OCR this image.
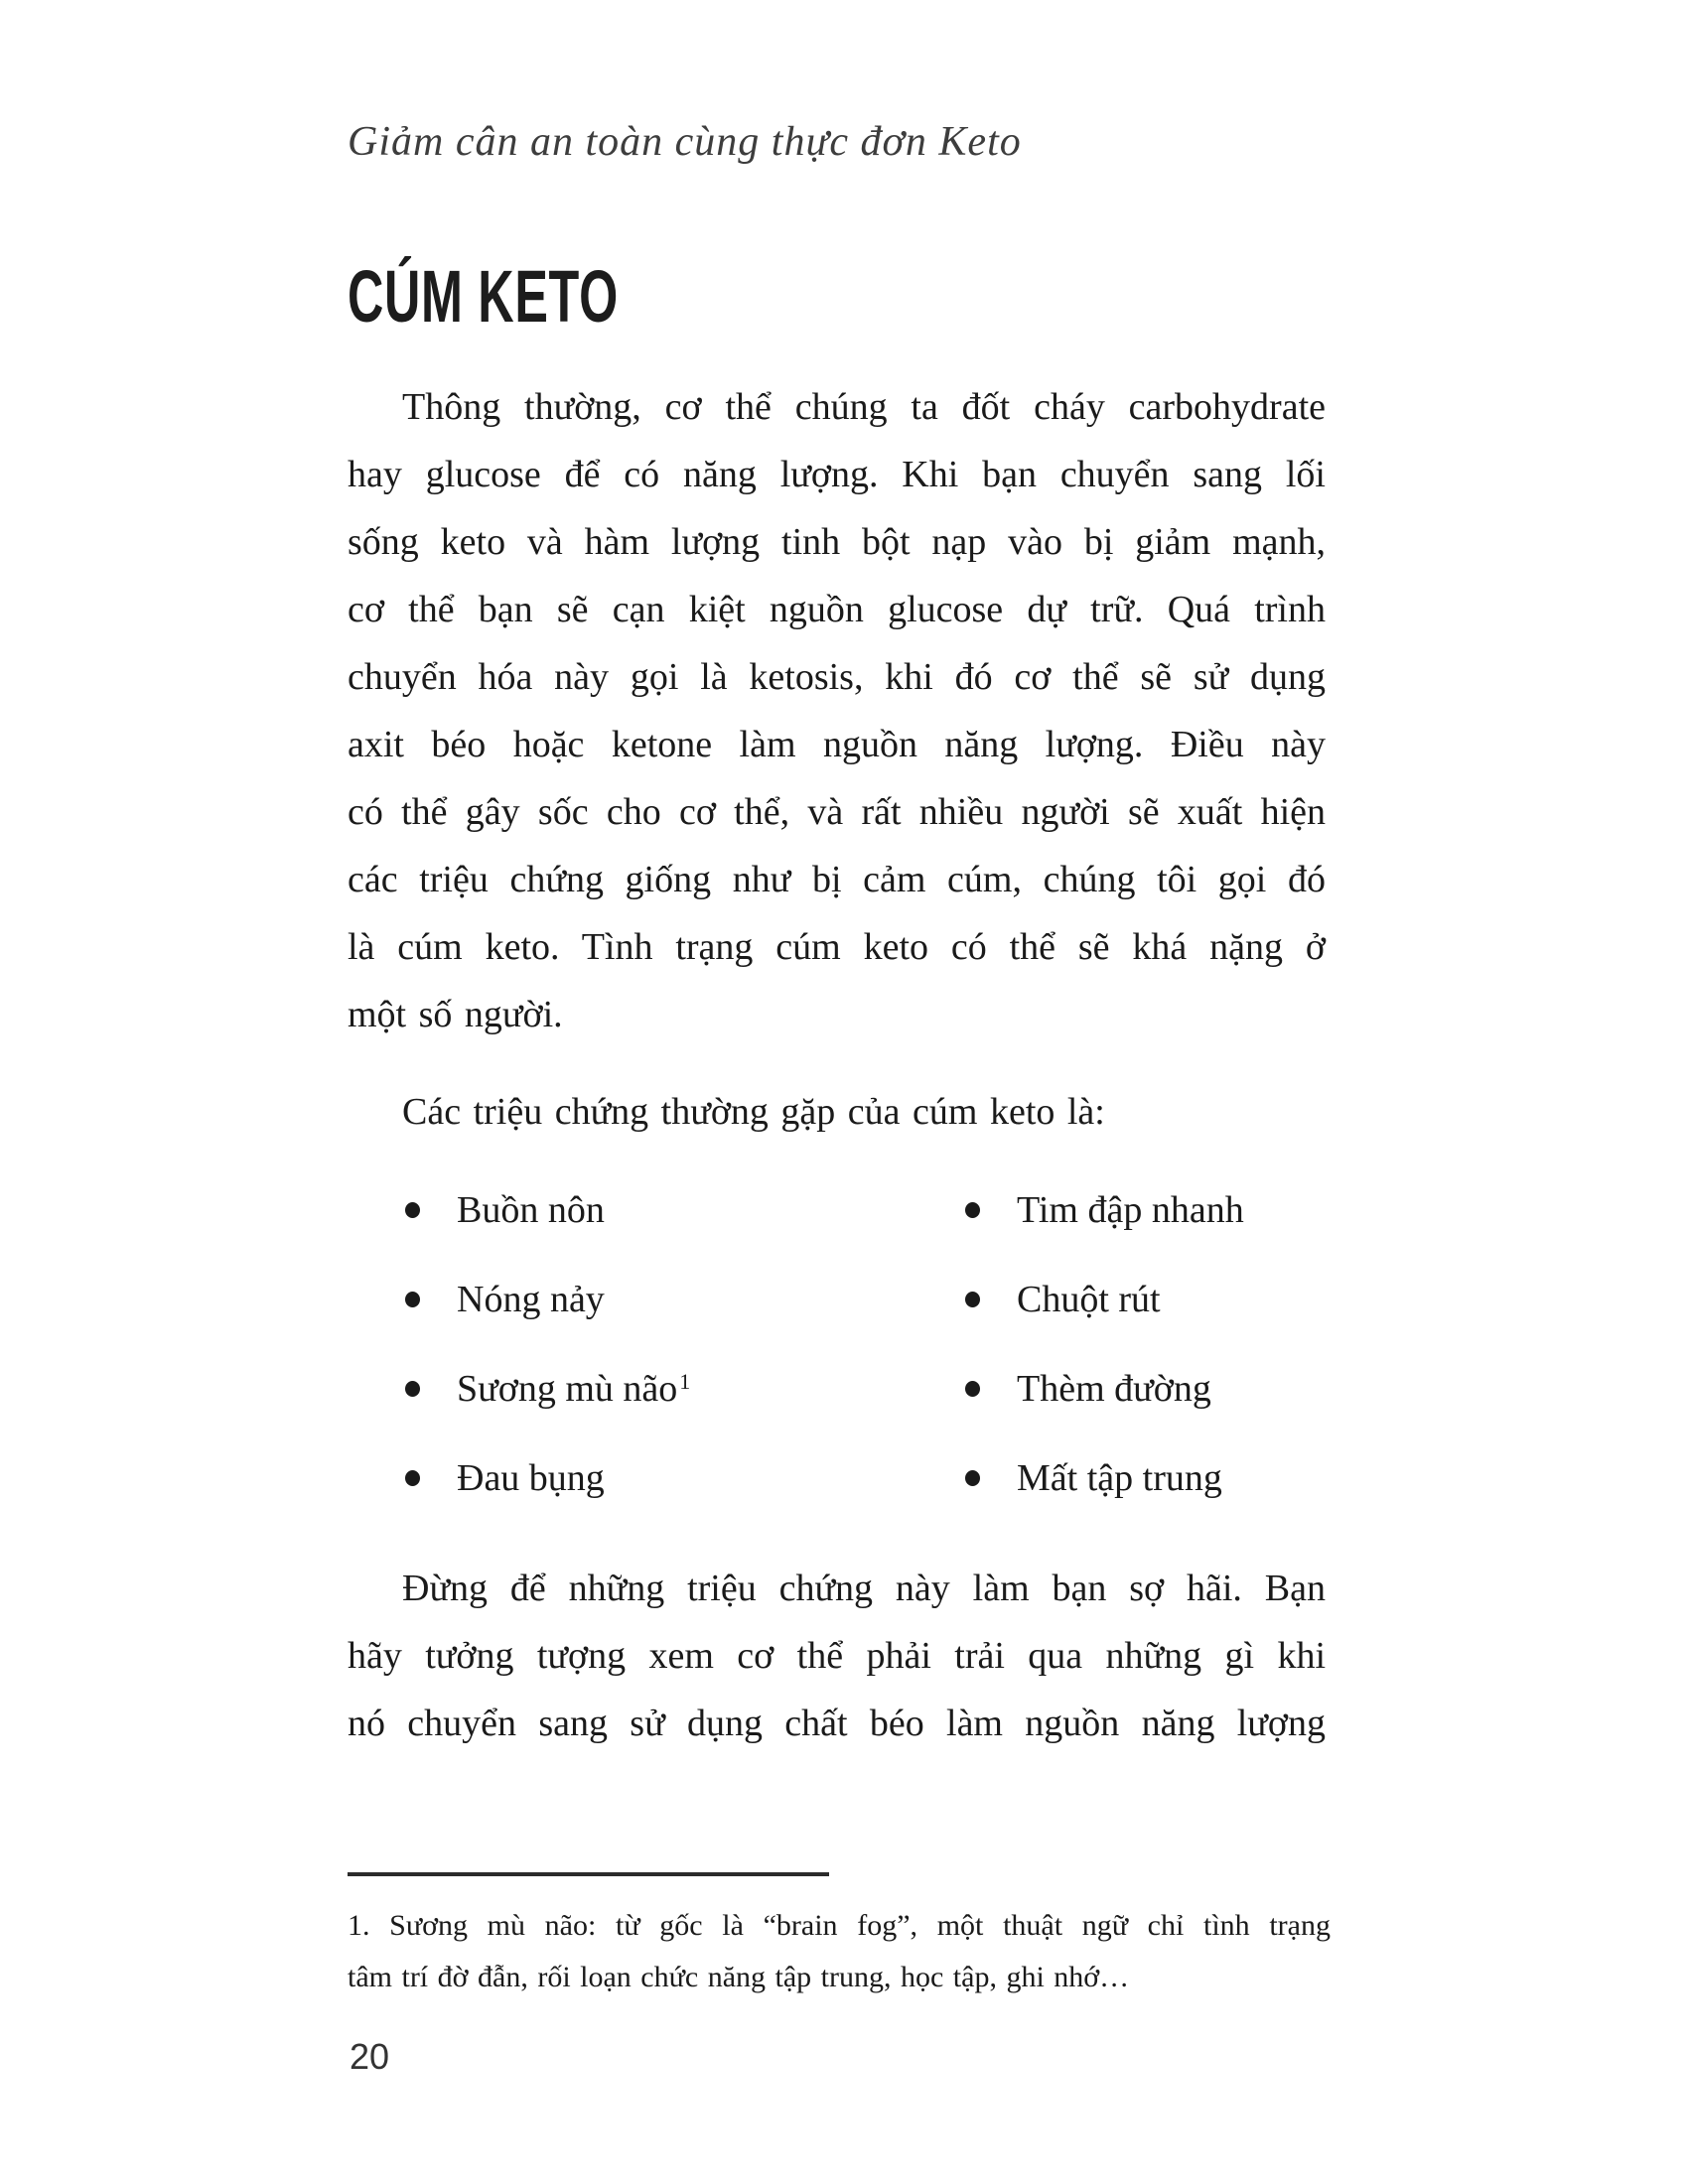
Giảm cân an toàn cùng thực đơn Keto
CÚM KETO
Thông thường, cơ thể chúng ta đốt cháy carbohydrate
hay glucose để có năng lượng. Khi bạn chuyển sang lối
sống keto và hàm lượng tinh bột nạp vào bị giảm mạnh,
cơ thể bạn sẽ cạn kiệt nguồn glucose dự trữ. Quá trình
chuyển hóa này gọi là ketosis, khi đó cơ thể sẽ sử dụng
axit béo hoặc ketone làm nguồn năng lượng. Điều này
có thể gây sốc cho cơ thể, và rất nhiều người sẽ xuất hiện
các triệu chứng giống như bị cảm cúm, chúng tôi gọi đó
là cúm keto. Tình trạng cúm keto có thể sẽ khá nặng ở
một số người.
Các triệu chứng thường gặp của cúm keto là:
Buồn nôn	Tim đập nhanh
Nóng nảy	Chuột rút
Sương mù não$^1$	Thèm đường
Đau bụng	Mất tập trung
Đừng để những triệu chứng này làm bạn sợ hãi. Bạn
hãy tưởng tượng xem cơ thể phải trải qua những gì khi
nó chuyển sang sử dụng chất béo làm nguồn năng lượng
1. Sương mù não: từ gốc là “brain fog”, một thuật ngữ chỉ tình trạng
tâm trí đờ đẫn, rối loạn chức năng tập trung, học tập, ghi nhớ…
20
